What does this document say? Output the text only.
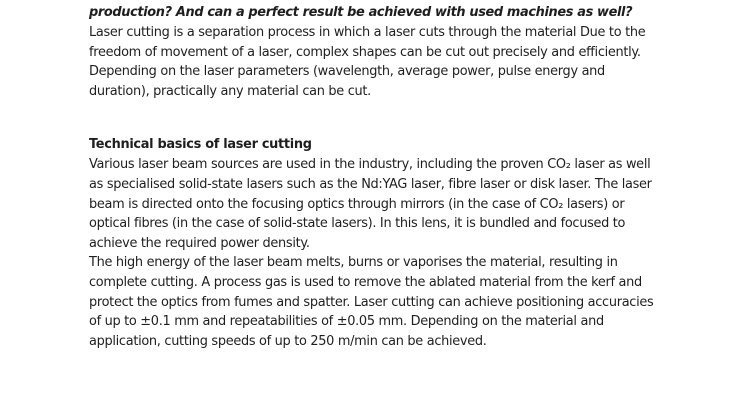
production? And can a perfect result be achieved with used machines as well?

Laser cutting is a separation process in which a laser cuts through the material Due to the freedom of movement of a laser, complex shapes can be cut out precisely and efficiently. Depending on the laser parameters (wavelength, average power, pulse energy and duration), practically any material can be cut.

Technical basics of laser cutting

Various laser beam sources are used in the industry, including the proven CO₂ laser as well as specialised solid-state lasers such as the Nd:YAG laser, fibre laser or disk laser. The laser beam is directed onto the focusing optics through mirrors (in the case of CO₂ lasers) or optical fibres (in the case of solid-state lasers). In this lens, it is bundled and focused to achieve the required power density.

The high energy of the laser beam melts, burns or vaporises the material, resulting in complete cutting. A process gas is used to remove the ablated material from the kerf and protect the optics from fumes and spatter. Laser cutting can achieve positioning accuracies of up to ±0.1 mm and repeatabilities of ±0.05 mm. Depending on the material and application, cutting speeds of up to 250 m/min can be achieved.
